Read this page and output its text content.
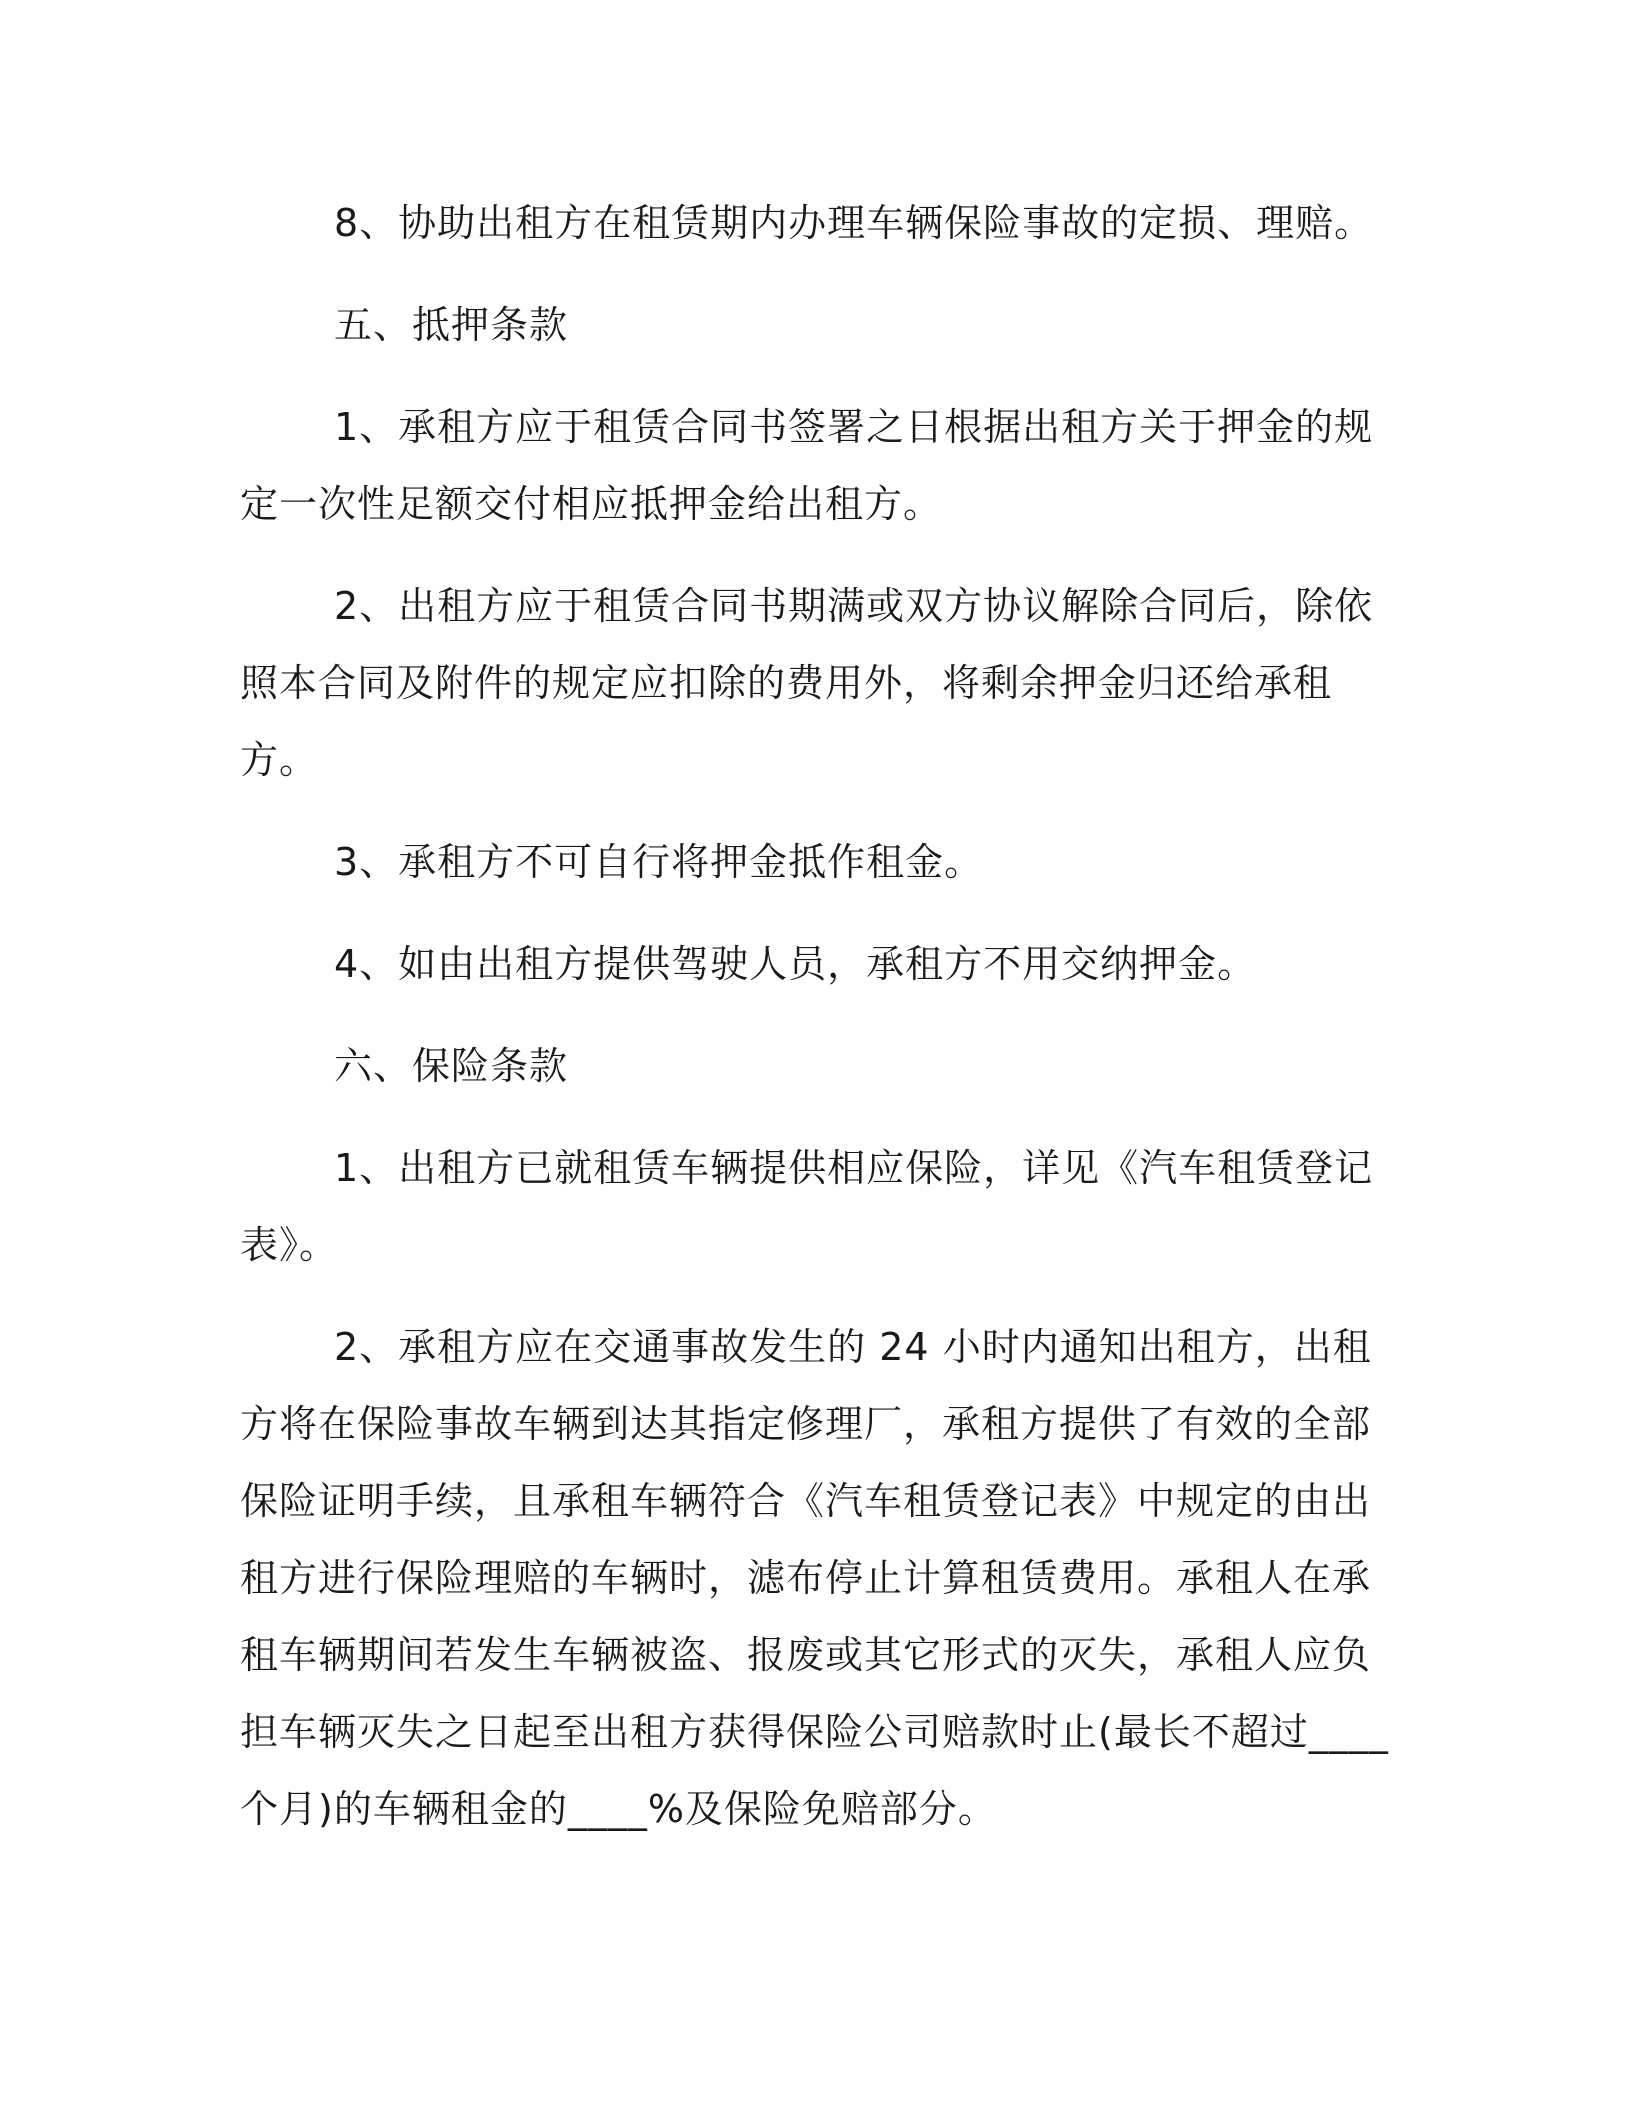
8、协助出租方在租赁期内办理车辆保险事故的定损、理赔。

五、抵押条款

1、承租方应于租赁合同书签署之日根据出租方关于押金的规定一次性足额交付相应抵押金给出租方。

2、出租方应于租赁合同书期满或双方协议解除合同后，除依照本合同及附件的规定应扣除的费用外，将剩余押金归还给承租方。

3、承租方不可自行将押金抵作租金。

4、如由出租方提供驾驶人员，承租方不用交纳押金。

六、保险条款

1、出租方已就租赁车辆提供相应保险，详见《汽车租赁登记表》。

2、承租方应在交通事故发生的 24 小时内通知出租方，出租方将在保险事故车辆到达其指定修理厂，承租方提供了有效的全部保险证明手续，且承租车辆符合《汽车租赁登记表》中规定的由出租方进行保险理赔的车辆时，滤布停止计算租赁费用。承租人在承租车辆期间若发生车辆被盗、报废或其它形式的灭失，承租人应负担车辆灭失之日起至出租方获得保险公司赔款时止(最长不超过____个月)的车辆租金的____%及保险免赔部分。
